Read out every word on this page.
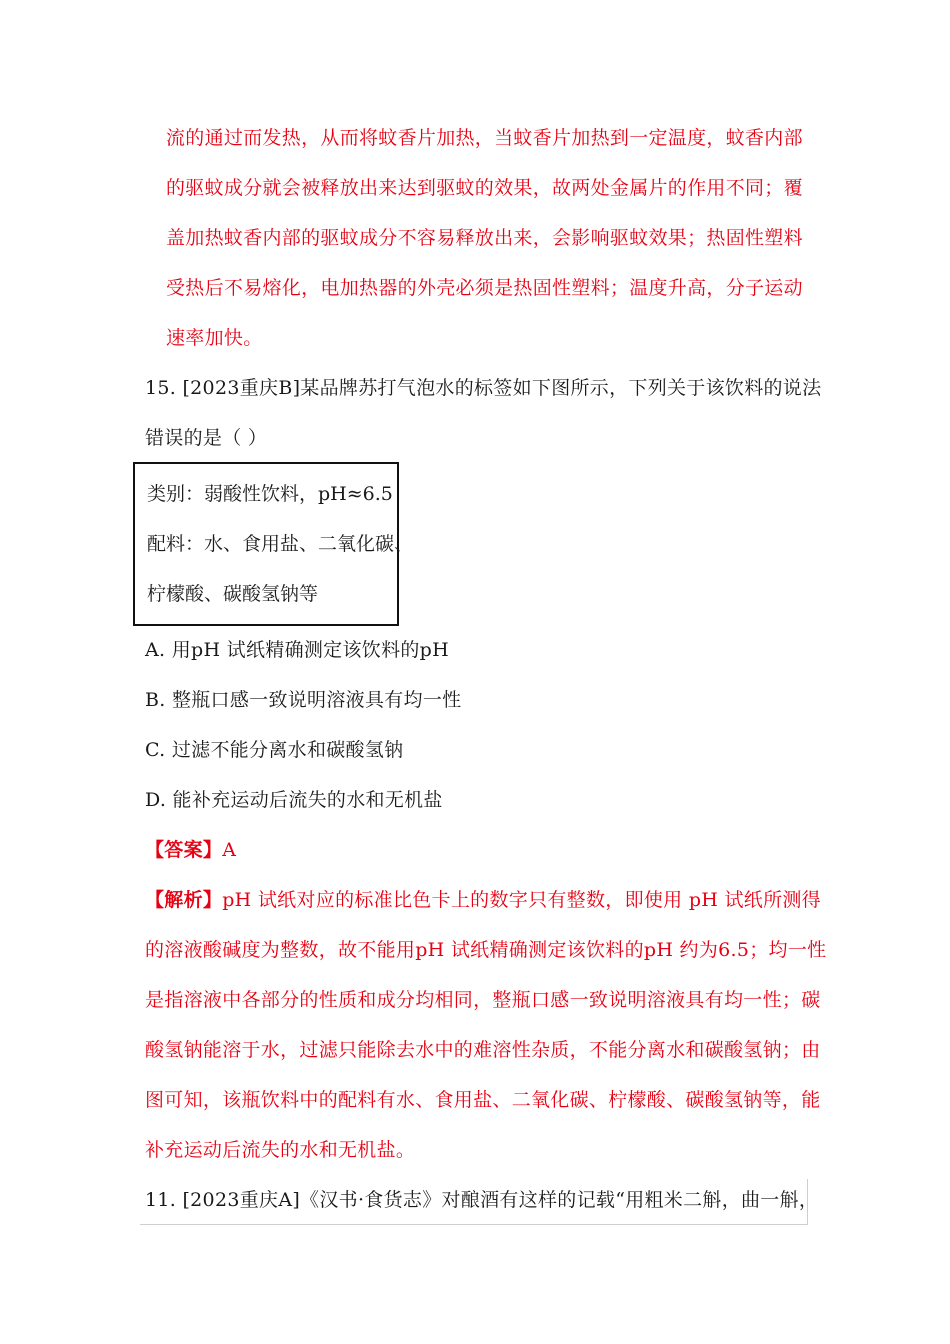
流的通过而发热，从而将蚊香片加热，当蚊香片加热到一定温度，蚊香内部
的驱蚊成分就会被释放出来达到驱蚊的效果，故两处金属片的作用不同；覆
盖加热蚊香内部的驱蚊成分不容易释放出来，会影响驱蚊效果；热固性塑料
受热后不易熔化，电加热器的外壳必须是热固性塑料；温度升高，分子运动
速率加快。
15. [2023重庆B]某品牌苏打气泡水的标签如下图所示，下列关于该饮料的说法
错误的是（ ）
类别：弱酸性饮料，pH≈6.5
配料：水、食用盐、二氧化碳、
柠檬酸、碳酸氢钠等
A. 用pH 试纸精确测定该饮料的pH
B. 整瓶口感一致说明溶液具有均一性
C. 过滤不能分离水和碳酸氢钠
D. 能补充运动后流失的水和无机盐
【答案】A
【解析】pH 试纸对应的标准比色卡上的数字只有整数，即使用 pH 试纸所测得
的溶液酸碱度为整数，故不能用pH 试纸精确测定该饮料的pH 约为6.5；均一性
是指溶液中各部分的性质和成分均相同，整瓶口感一致说明溶液具有均一性；碳
酸氢钠能溶于水，过滤只能除去水中的难溶性杂质，不能分离水和碳酸氢钠；由
图可知，该瓶饮料中的配料有水、食用盐、二氧化碳、柠檬酸、碳酸氢钠等，能
补充运动后流失的水和无机盐。
11. [2023重庆A]《汉书·食货志》对酿酒有这样的记载“用粗米二斛，曲一斛，
